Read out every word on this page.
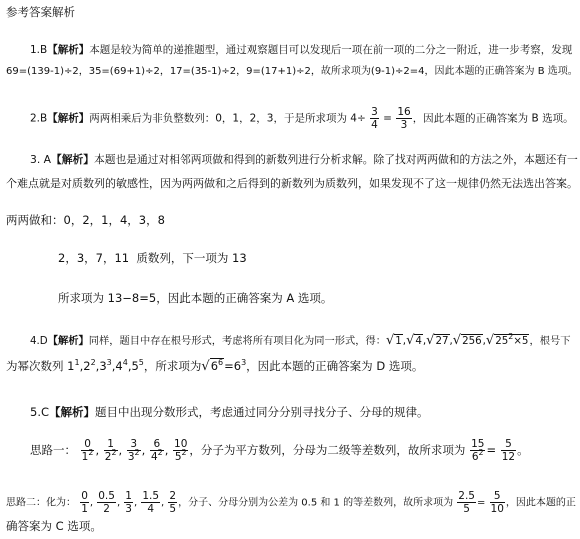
参考答案解析
1.B【解析】本题是较为简单的递推题型，通过观察题目可以发现后一项在前一项的二分之一附近，进一步考察，发现
69=(139-1)÷2，35=(69+1)÷2，17=(35-1)÷2，9=(17+1)÷2，故所求项为(9-1)÷2=4，因此本题的正确答案为 B 选项。
2.B【解析】两两相乘后为非负整数列：0，1，2，3，于是所求项为 $4\div \frac{3}{4} = \frac{16}{3}$ ，因此本题的正确答案为 B 选项。
3. A【解析】本题也是通过对相邻两项做和得到的新数列进行分析求解。除了找对两两做和的方法之外，本题还有一
个难点就是对质数列的敏感性，因为两两做和之后得到的新数列为质数列，如果发现不了这一规律仍然无法选出答案。
两两做和：0，2，1，4，3，8
2，3，7，11 质数列，下一项为 13
所求项为 13−8=5，因此本题的正确答案为 A 选项。
4.D【解析】同样，题目中存在根号形式，考虑将所有项目化为同一形式，得：$√1,√4,√27,√256,√25^2\times 5$，根号下
为幂次数列 $1^1,2^2,3^3,4^4,5^5$，所求项为$√6^6=6^3$，因此本题的正确答案为 D 选项。
5.C【解析】题目中出现分数形式，考虑通过同分分别寻找分子、分母的规律。
思路一： $\frac{0}{1^2}$ , $\frac{1}{2^2}$ , $\frac{3}{3^2}$ , $\frac{6}{4^2}$ , $\frac{10}{5^2}$ ，分子为平方数列，分母为二级等差数列，故所求项为 $\frac{15}{6^2} = \frac{5}{12}$ 。
思路二：化为： $\frac{0}{1}$ , $\frac{0.5}{2}$ , $\frac{1}{3}$ , $\frac{1.5}{4}$ , $\frac{2}{5}$ ，分子、分母分别为公差为 0.5 和 1 的等差数列，故所求项为 $\frac{2.5}{5} = \frac{5}{10}$ ，因此本题的正
确答案为 C 选项。
